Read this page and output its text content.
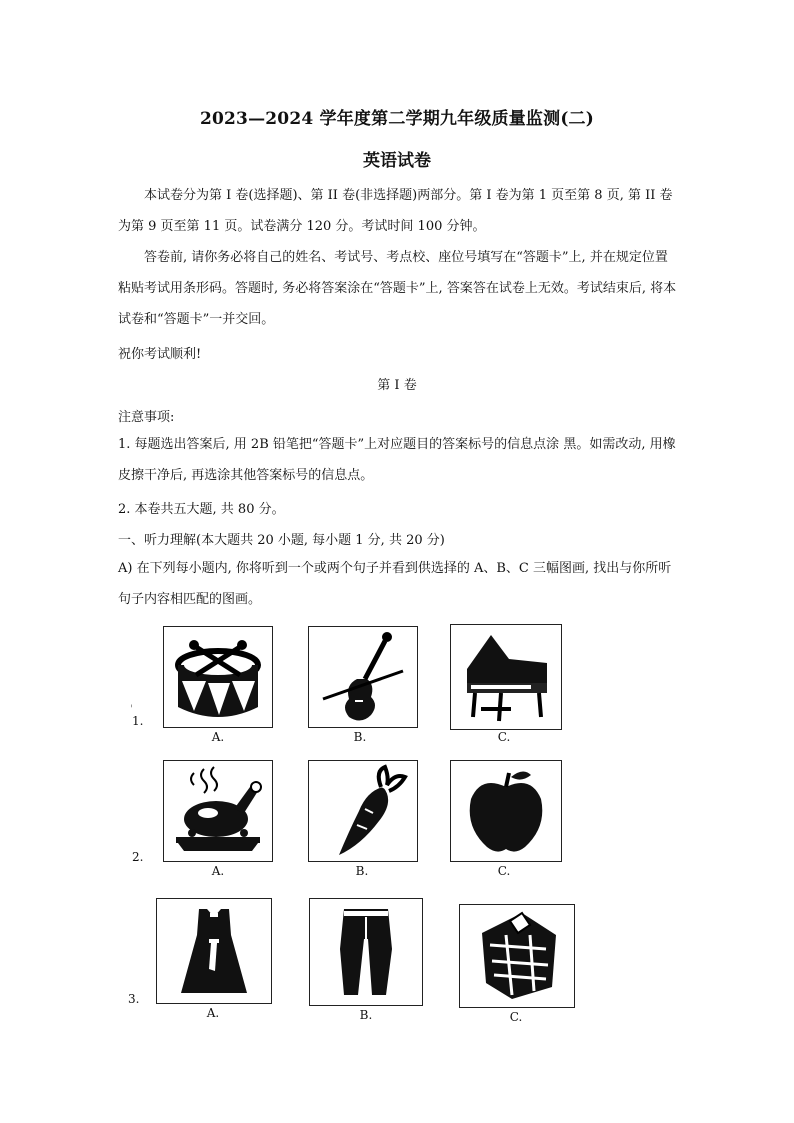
2023—2024 学年度第二学期九年级质量监测(二)
英语试卷
本试卷分为第 I 卷(选择题)、第 II 卷(非选择题)两部分。第 I 卷为第 1 页至第 8 页, 第 II 卷为第 9 页至第 11 页。试卷满分 120 分。考试时间 100 分钟。
答卷前, 请你务必将自己的姓名、考试号、考点校、座位号填写在“答题卡”上, 并在规定位置粘贴考试用条形码。答题时, 务必将答案涂在“答题卡”上, 答案答在试卷上无效。考试结束后, 将本试卷和“答题卡”一并交回。
祝你考试顺利!
第 I 卷
注意事项:
1. 每题选出答案后, 用 2B 铅笔把“答题卡”上对应题目的答案标号的信息点涂 黑。如需改动, 用橡皮擦干净后, 再选涂其他答案标号的信息点。
2. 本卷共五大题, 共 80 分。
一、听力理解(本大题共 20 小题, 每小题 1 分, 共 20 分)
A) 在下列每小题内, 你将听到一个或两个句子并看到供选择的 A、B、C 三幅图画, 找出与你所听句子内容相匹配的图画。
1.
'
A.	B.	C.
2.
A.	B.	C.
3.
A.	B.	C.
